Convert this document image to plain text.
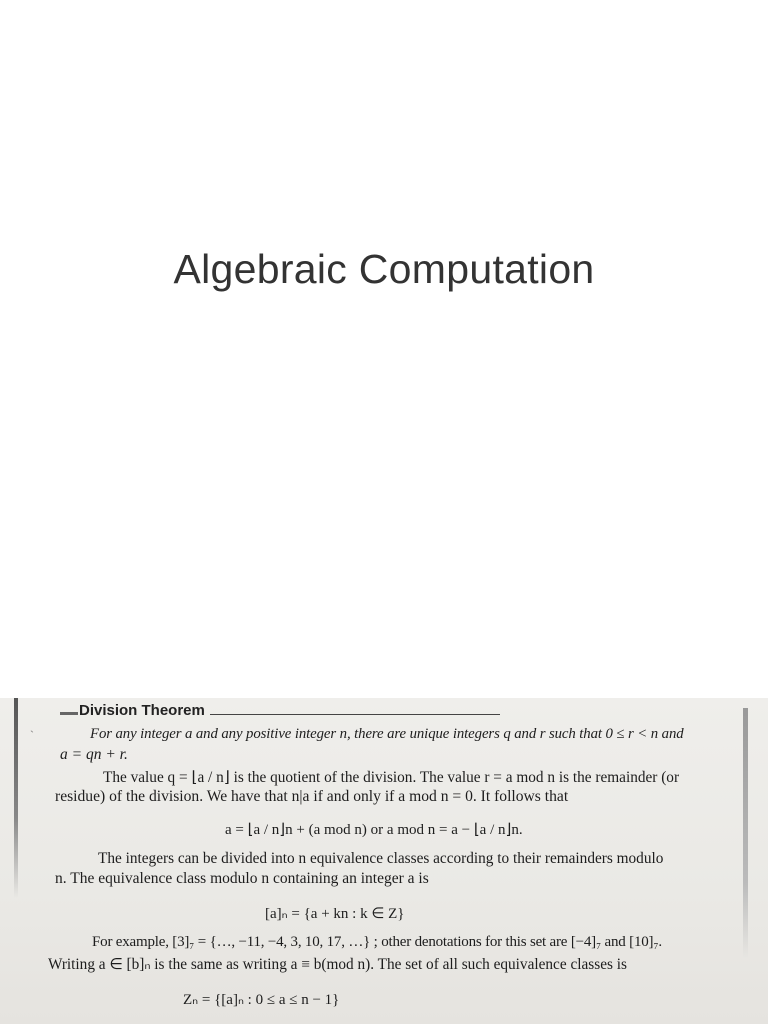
Algebraic Computation
`
Division Theorem
For any integer a and any positive integer n, there are unique integers q and r such that 0 ≤ r < n and
a = qn + r.
The value q = ⌊a / n⌋ is the quotient of the division. The value r = a mod n is the remainder (or
residue) of the division. We have that n|a if and only if a mod n = 0. It follows that
a = ⌊a / n⌋n + (a mod n) or a mod n = a − ⌊a / n⌋n.
The integers can be divided into n equivalence classes according to their remainders modulo
n. The equivalence class modulo n containing an integer a is
[a]ₙ = {a + kn : k ∈ Z}
For example, [3]₇ = {…, −11, −4, 3, 10, 17, …} ; other denotations for this set are [−4]₇ and [10]₇.
Writing a ∈ [b]ₙ is the same as writing a ≡ b(mod n). The set of all such equivalence classes is
Zₙ = {[a]ₙ : 0 ≤ a ≤ n − 1}
